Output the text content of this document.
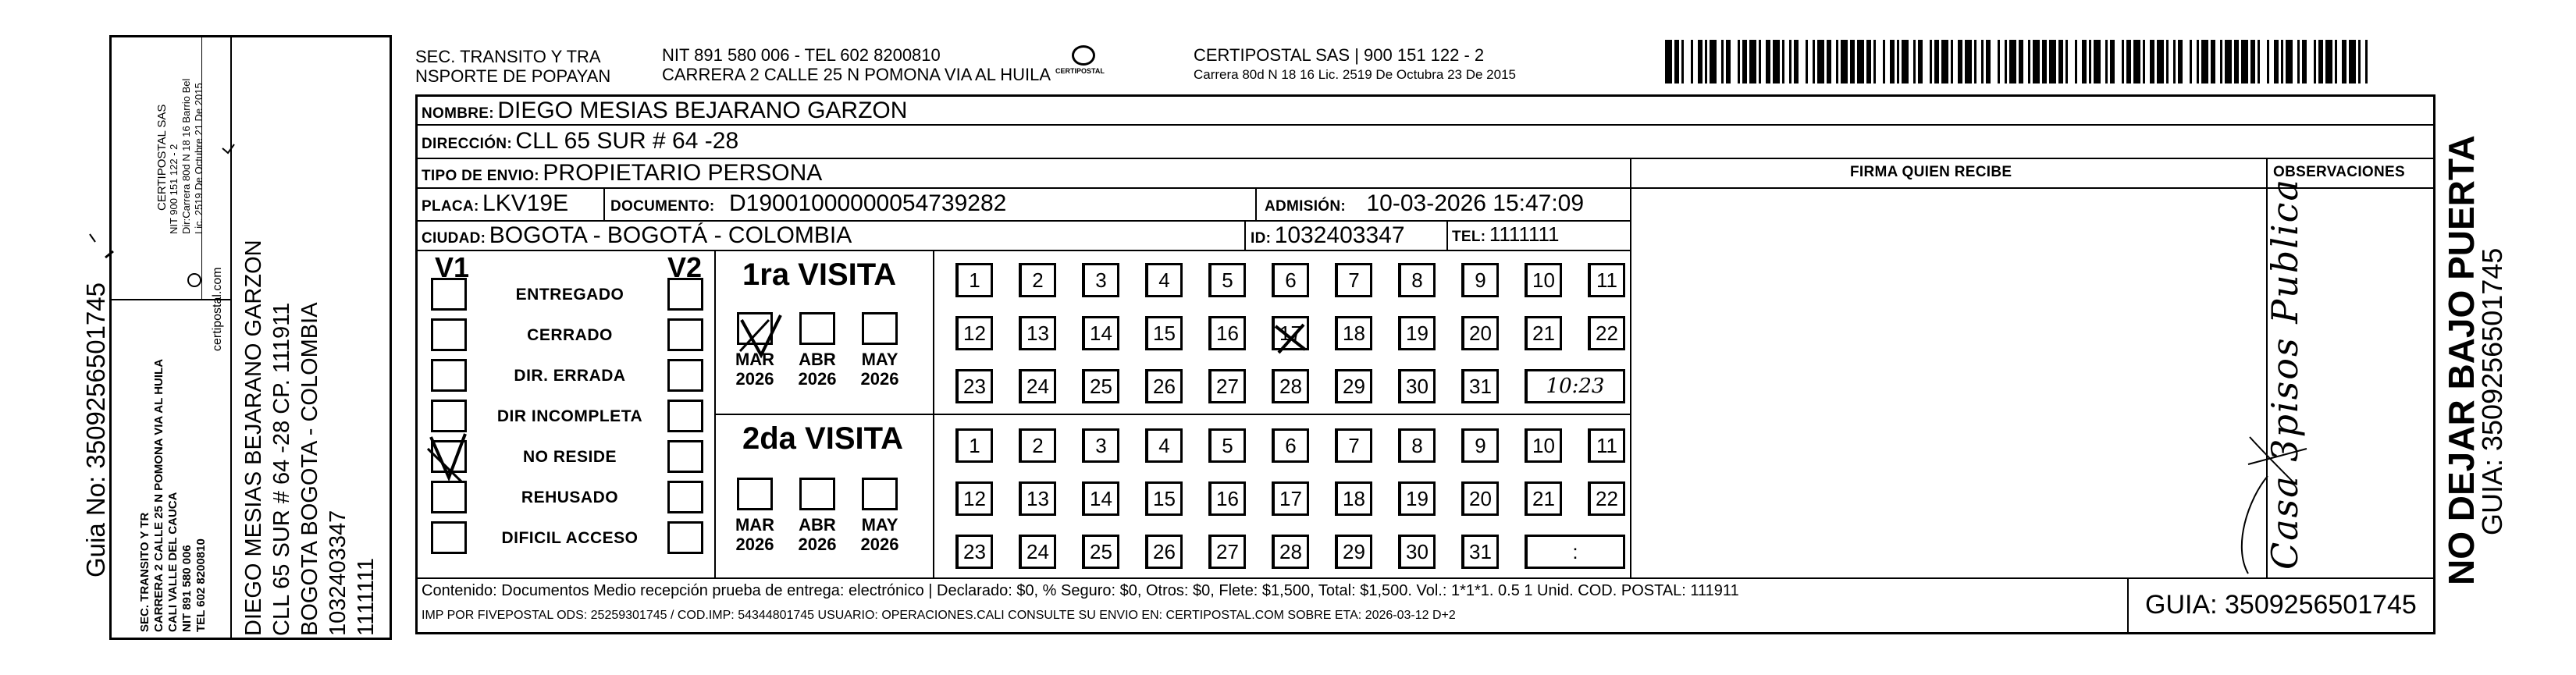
Guia No: 3509256501745 SEC. TRANSITO Y TR CARRERA 2 CALLE 25 N POMONA VIA AL HUILA CALI VALLE DEL CAUCA NIT 891 580 006 TEL 602 8200810
CERTIPOSTAL SAS NIT 900 151 122 - 2 Dir:Carrera 80d N 18 16 Barrio Bel Lic. 2519 De Octubre 21 De 2015
certipostal.com DIEGO MESIAS BEJARANO GARZON CLL 65 SUR # 64 -28 CP. 111911 BOGOTA BOGOTA - COLOMBIA 1032403347 1111111
SEC. TRANSITO Y TRA
NSPORTE DE POPAYAN
NIT 891 580 006 - TEL 602 8200810
CARRERA 2 CALLE 25 N POMONA VIA AL HUILA CERTIPOSTAL
CERTIPOSTAL SAS | 900 151 122 - 2
Carrera 80d N 18 16 Lic. 2519 De Octubra 23 De 2015
NOMBRE: DIEGO MESIAS BEJARANO GARZON
DIRECCIÓN: CLL 65 SUR # 64 -28
TIPO DE ENVIO: PROPIETARIO PERSONA	FIRMA QUIEN RECIBE	OBSERVACIONES
PLACA: LKV19E	DOCUMENTO: D19001000000054739282	ADMISIÓN: 10-03-2026 15:47:09
CIUDAD: BOGOTA - BOGOTÁ - COLOMBIA	ID: 1032403347	TEL: 1111111
V1	V2
ENTREGADO
CERRADO
DIR. ERRADA
DIR INCOMPLETA
NO RESIDE
REHUSADO
DIFICIL ACCESO
1ra VISITA
2da VISITA
MAR
2026
ABR
2026
MAY
2026
MAR
2026
ABR
2026
MAY
2026
1	2	3	4	5	6	7	8	9	10	11
12	13	14	15	16	17	18	19	20	21	22
23	24	25	26	27	28	29	30	31	10:23
1	2	3	4	5	6	7	8	9	10	11
12	13	14	15	16	17	18	19	20	21	22
23	24	25	26	27	28	29	30	31	:
Contenido: Documentos Medio recepción prueba de entrega: electrónico | Declarado: $0, % Seguro: $0, Otros: $0, Flete: $1,500, Total: $1,500. Vol.: 1*1*1. 0.5 1 Unid. COD. POSTAL: 111911
IMP POR FIVEPOSTAL ODS: 25259301745 / COD.IMP: 54344801745 USUARIO: OPERACIONES.CALI CONSULTE SU ENVIO EN: CERTIPOSTAL.COM SOBRE ETA: 2026-03-12 D+2	GUIA: 3509256501745
NO DEJAR BAJO PUERTA
GUIA: 3509256501745
Casa 3pisos Publica
